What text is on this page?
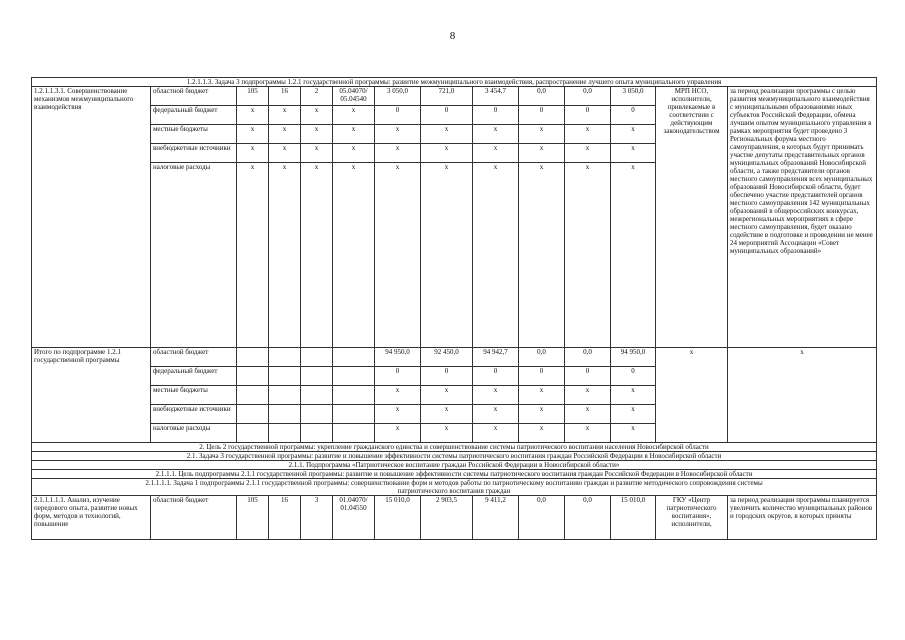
8
1.2.1.1.3. Задача 3 подпрограммы 1.2.1 государственной программы: развитие межмуниципального взаимодействия, распространение лучшего опыта муниципального управления													
1.2.1.1.3.1. Совершенствование механизмов межмуниципального взаимодействия	областной бюджет	105	16	2	05.04070/ 05.04540	3 050,0	721,0	3 454,7	0,0	0,0	3 050,0	МРП НСО, исполнители, привлекаемые в соответствии с действующим законодательством	за период реализации программы с целью развития межмуниципального взаимодействия с муниципальными образованиями иных субъектов Российской Федерации, обмена лучшим опытом муниципального управления в рамках мероприятия будет проведено 3 Региональных форума местного самоуправления, в которых будут принимать участие депутаты представительных органов муниципальных образований Новосибирской области, а также представители органов местного самоуправления всех муниципальных образований Новосибирской области, будет обеспечено участие представителей органов местного самоуправления 142 муниципальных образований в общероссийских конкурсах, межрегиональных мероприятиях в сфере местного самоуправления, будет оказано содействие в подготовке и проведении не менее 24 мероприятий Ассоциации «Совет муниципальных образований»
	федеральный бюджет	х	х	х	х	0	0	0	0	0	0		
	местные бюджеты	х	х	х	х	х	х	х	х	х	х		
	внебюджетные источники	х	х	х	х	х	х	х	х	х	х		
	налоговые расходы	х	х	х	х	х	х	х	х	х	х		
Итого по подпрограмме 1.2.1 государственной программы	областной бюджет					94 950,0	92 450,0	94 942,7	0,0	0,0	94 950,0	х	х
	федеральный бюджет					0	0	0	0	0	0		
	местные бюджеты					х	х	х	х	х	х		
	внебюджетные источники					х	х	х	х	х	х		
	налоговые расходы					х	х	х	х	х	х		
2. Цель 2 государственной программы: укрепление гражданского единства и совершенствование системы патриотического воспитания населения Новосибирской области													
2.1. Задача 3 государственной программы: развитие и повышение эффективности системы патриотического воспитания граждан Российской Федерации в Новосибирской области													
2.1.1. Подпрограмма «Патриотическое воспитание граждан Российской Федерации в Новосибирской области»													
2.1.1.1. Цель подпрограммы 2.1.1 государственной программы: развитие и повышение эффективности системы патриотического воспитания граждан Российской Федерации в Новосибирской области													

2.1.1.1.1. Задача 1 подпрограммы 2.1.1 государственной программы: совершенствование форм и методов работы по патриотическому воспитанию граждан и развитие методического сопровождения системы
патриотического воспитания граждан													

2.1.1.1.1.1. Анализ, изучение передового опыта, развитие новых форм, методов и технологий, повышение	областной бюджет	105	16	3	01.04070/ 01.04550	15 010,0	2 903,5	9 411,2	0,0	0,0	15 010,0	ГКУ «Центр патриотического воспитания», исполнители,	за период реализации программы планируется увеличить количество муниципальных районов и городских округов, в которых приняты
